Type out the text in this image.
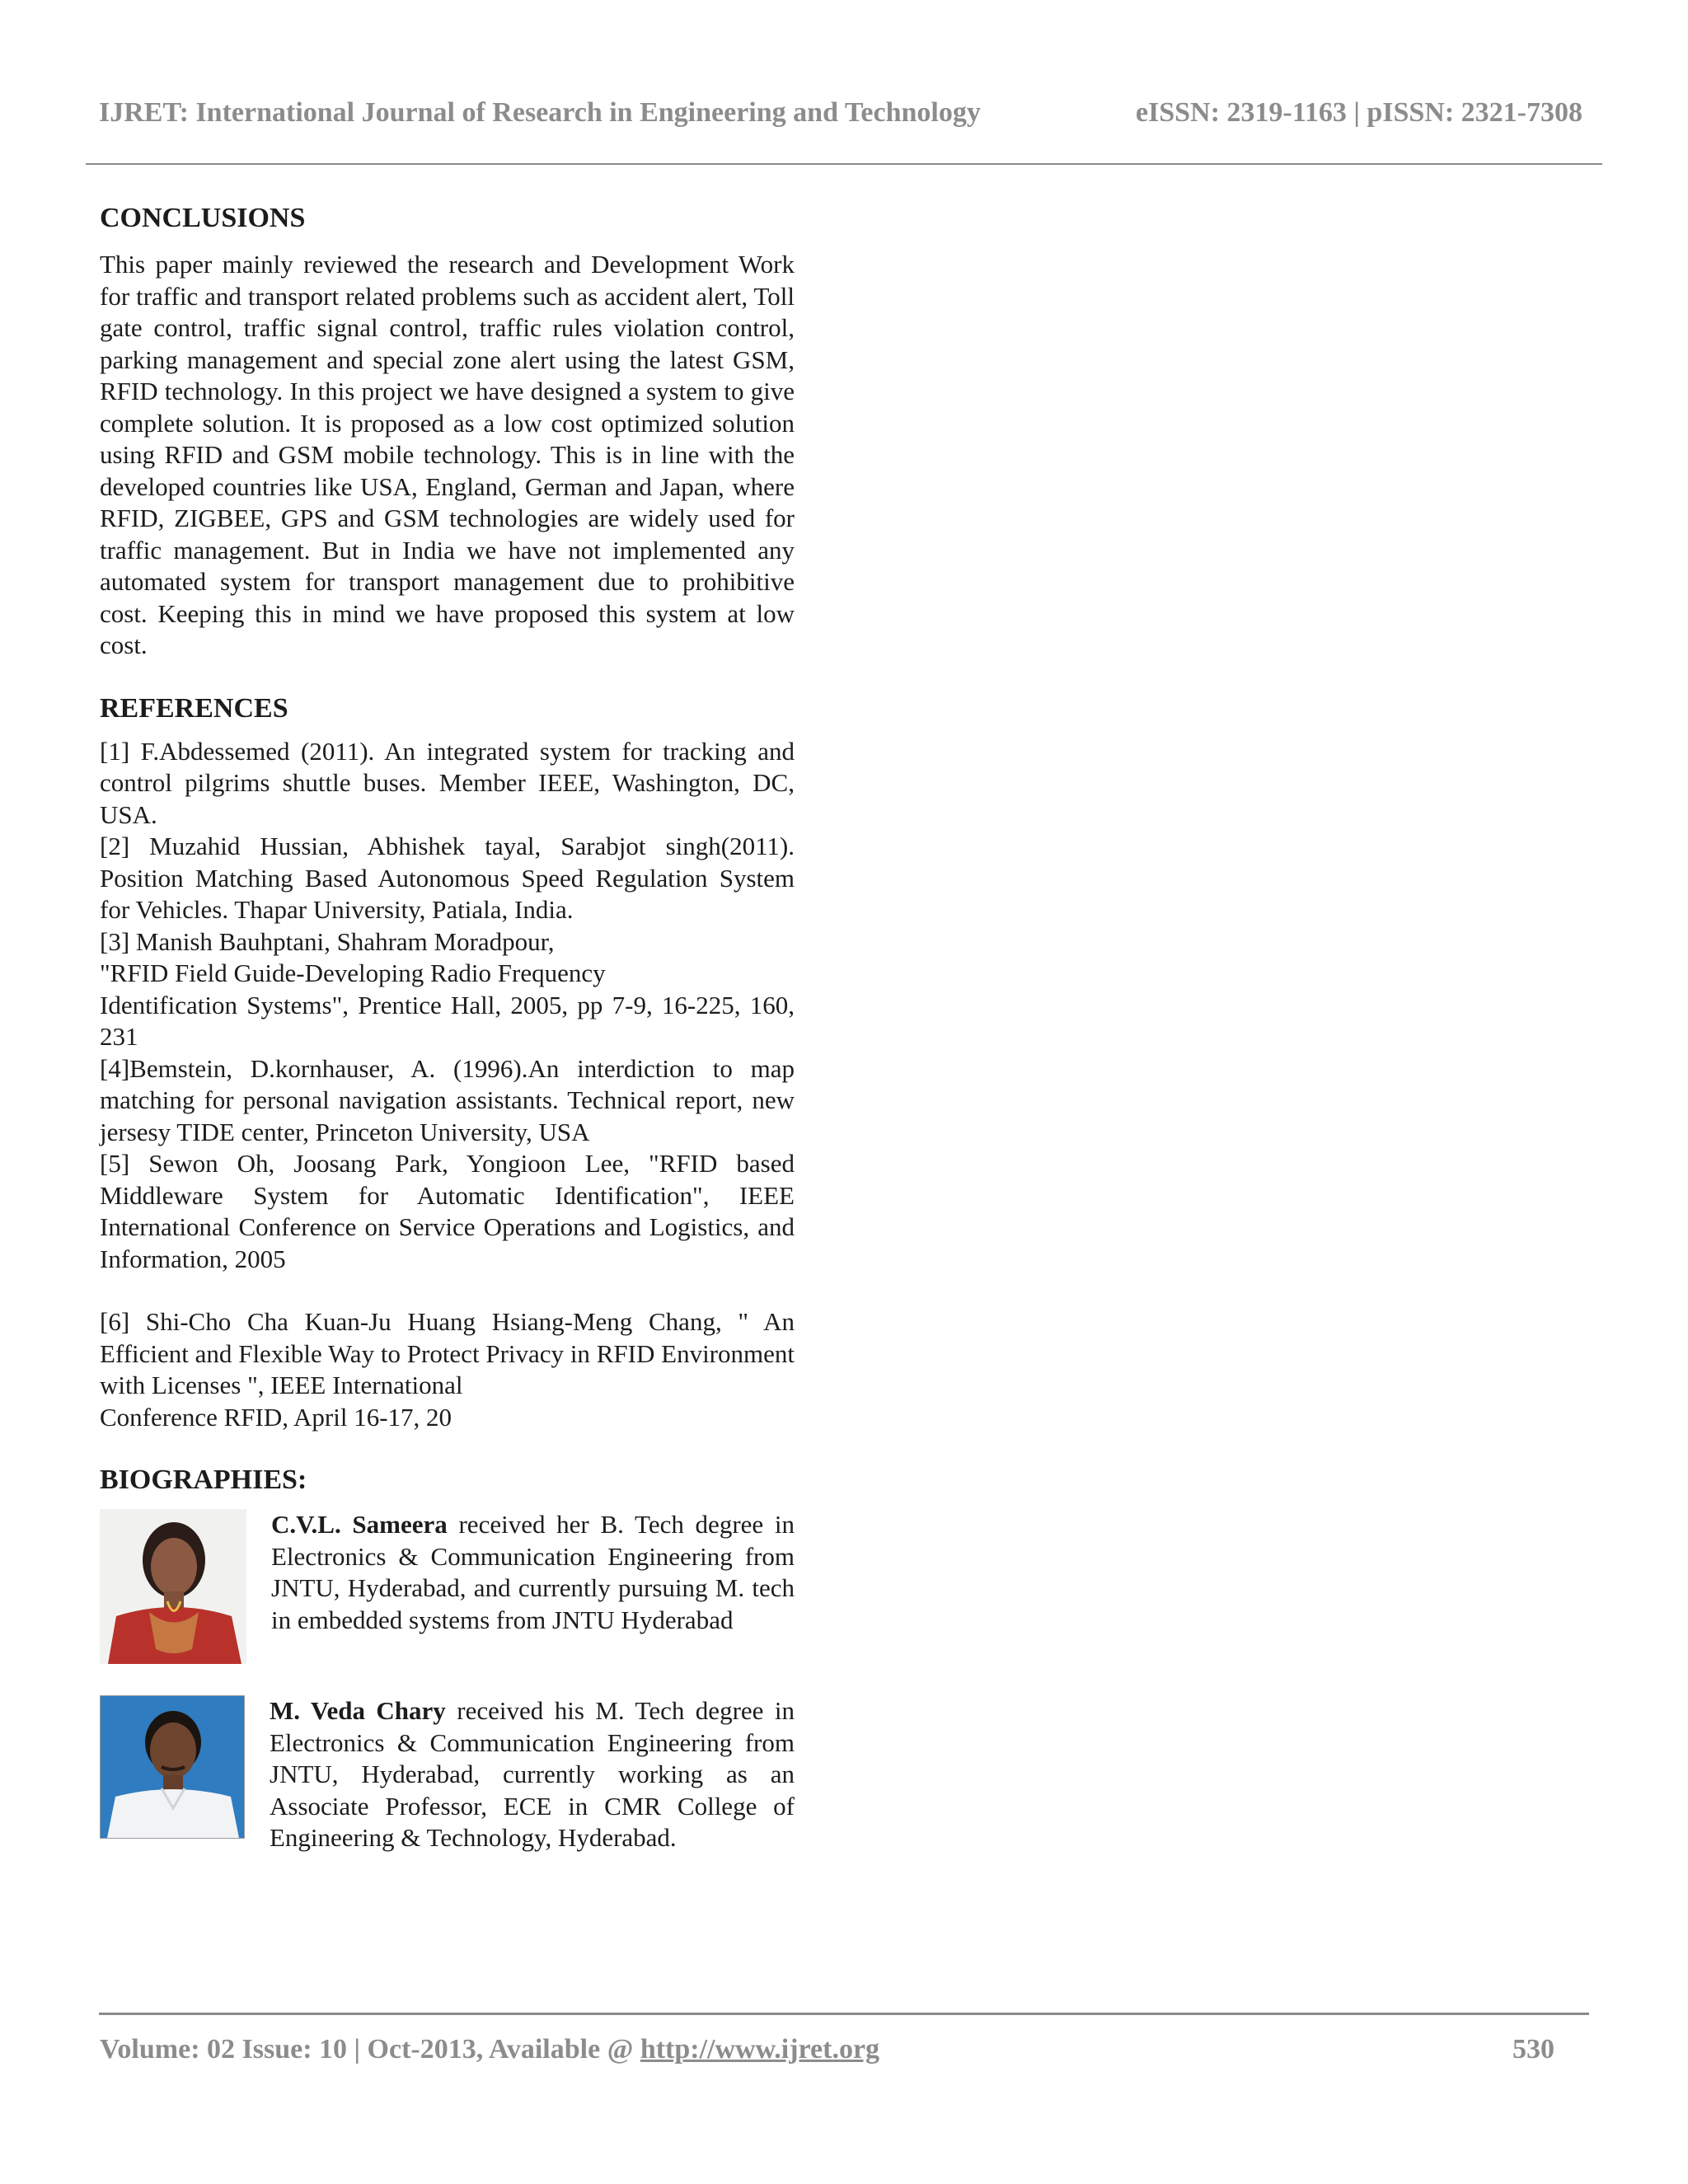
IJRET: International Journal of Research in Engineering and Technology	eISSN: 2319-1163 | pISSN: 2321-7308
CONCLUSIONS

This paper mainly reviewed the research and Development Work for traffic and transport related problems such as accident alert, Toll gate control, traffic signal control, traffic rules violation control, parking management and special zone alert using the latest GSM, RFID technology. In this project we have designed a system to give complete solution. It is proposed as a low cost optimized solution using RFID and GSM mobile technology. This is in line with the developed countries like USA, England, German and Japan, where RFID, ZIGBEE, GPS and GSM technologies are widely used for traffic management. But in India we have not implemented any automated system for transport management due to prohibitive cost. Keeping this in mind we have proposed this system at low cost.

REFERENCES
[1] F.Abdessemed (2011). An integrated system for tracking and control pilgrims shuttle buses. Member IEEE, Washington, DC, USA.
[2] Muzahid Hussian, Abhishek tayal, Sarabjot singh(2011). Position Matching Based Autonomous Speed Regulation System for Vehicles. Thapar University, Patiala, India.
[3] Manish Bauhptani, Shahram Moradpour,
"RFID Field Guide-Developing Radio Frequency
Identification Systems", Prentice Hall, 2005, pp 7-9, 16-225, 160, 231
[4]Bemstein, D.kornhauser, A. (1996).An interdiction to map matching for personal navigation assistants. Technical report, new jersesy TIDE center, Princeton University, USA
[5] Sewon Oh, Joosang Park, Yongioon Lee, "RFID based Middleware System for Automatic Identification", IEEE International Conference on Service Operations and Logistics, and Information, 2005
[6] Shi-Cho Cha Kuan-Ju Huang Hsiang-Meng Chang, " An Efficient and Flexible Way to Protect Privacy in RFID Environment with Licenses ", IEEE International
Conference RFID, April 16-17, 20
BIOGRAPHIES:
C.V.L. Sameera received her B. Tech degree in Electronics & Communication Engineering from JNTU, Hyderabad, and currently pursuing M. tech in embedded systems from JNTU Hyderabad
M. Veda Chary received his M. Tech degree in Electronics & Communication Engineering from JNTU, Hyderabad, currently working as an Associate Professor, ECE in CMR College of Engineering & Technology, Hyderabad.
Volume: 02 Issue: 10 | Oct-2013, Available @ http://www.ijret.org	530
